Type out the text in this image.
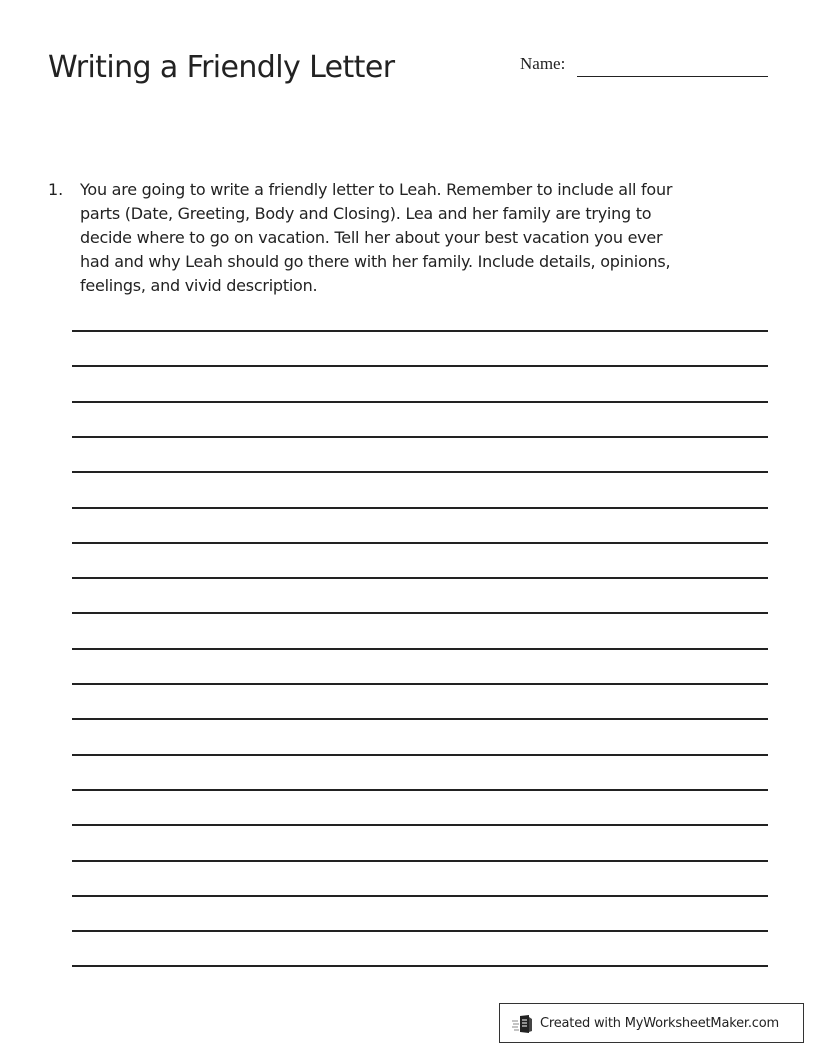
Writing a Friendly Letter	Name:
1. You are going to write a friendly letter to Leah. Remember to include all four
parts (Date, Greeting, Body and Closing). Lea and her family are trying to
decide where to go on vacation. Tell her about your best vacation you ever
had and why Leah should go there with her family. Include details, opinions,
feelings, and vivid description.
Created with MyWorksheetMaker.com
